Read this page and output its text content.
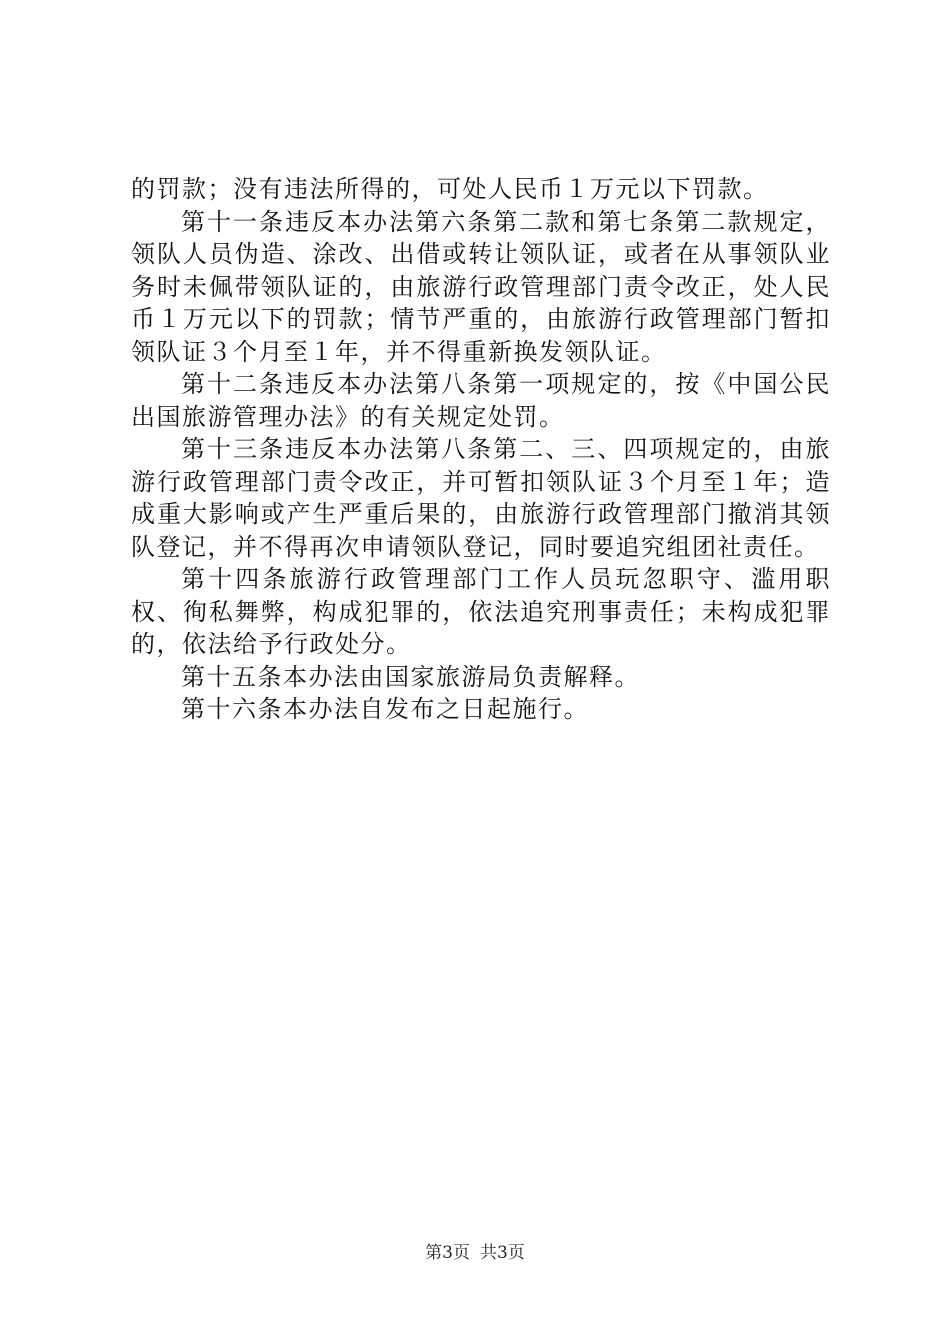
的罚款；没有违法所得的，可处人民币１万元以下罚款。

第十一条违反本办法第六条第二款和第七条第二款规定，领队人员伪造、涂改、出借或转让领队证，或者在从事领队业务时未佩带领队证的，由旅游行政管理部门责令改正，处人民币１万元以下的罚款；情节严重的，由旅游行政管理部门暂扣领队证３个月至１年，并不得重新换发领队证。

第十二条违反本办法第八条第一项规定的，按《中国公民出国旅游管理办法》的有关规定处罚。

第十三条违反本办法第八条第二、三、四项规定的，由旅游行政管理部门责令改正，并可暂扣领队证３个月至１年；造成重大影响或产生严重后果的，由旅游行政管理部门撤消其领队登记，并不得再次申请领队登记，同时要追究组团社责任。

第十四条旅游行政管理部门工作人员玩忽职守、滥用职权、徇私舞弊，构成犯罪的，依法追究刑事责任；未构成犯罪的，依法给予行政处分。

第十五条本办法由国家旅游局负责解释。

第十六条本办法自发布之日起施行。

第3页 共3页
